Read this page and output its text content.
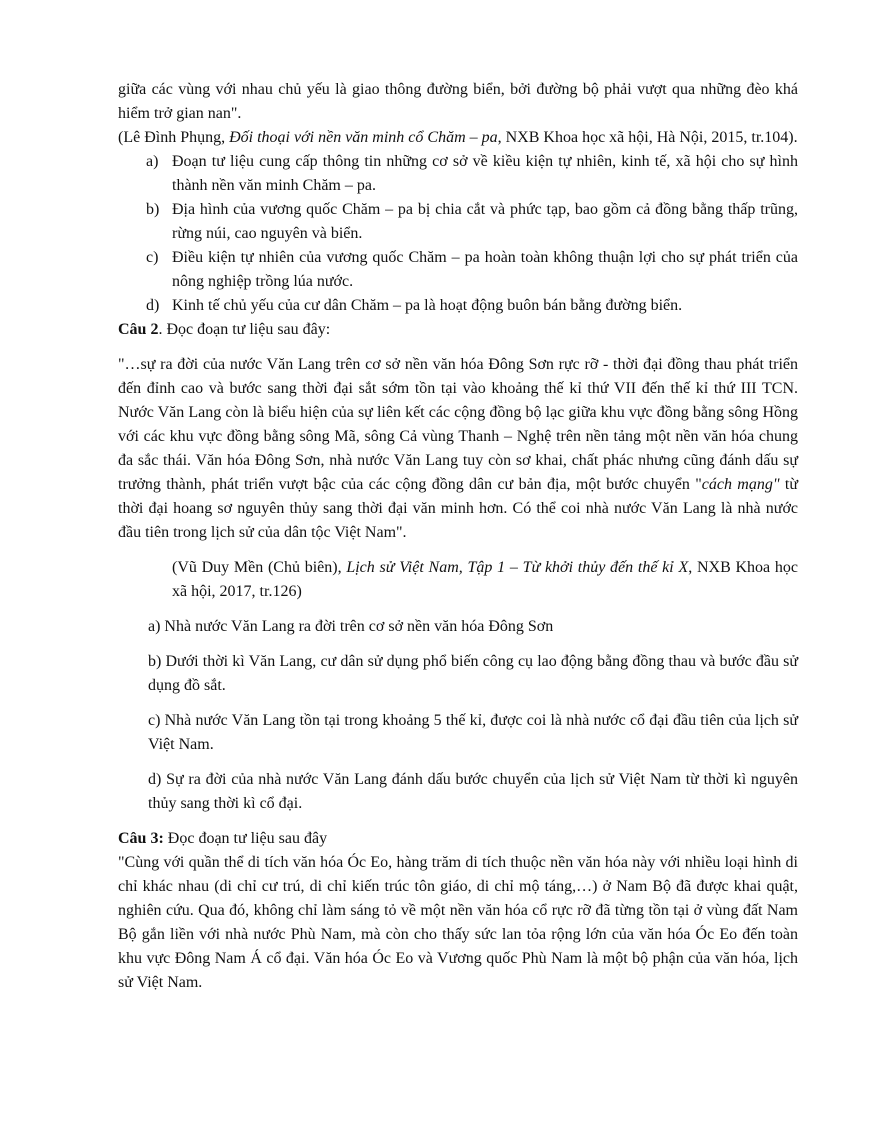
giữa các vùng với nhau chủ yếu là giao thông đường biển, bởi đường bộ phải vượt qua những đèo khá hiểm trở gian nan".

(Lê Đình Phụng, Đối thoại với nền văn minh cổ Chăm – pa, NXB Khoa học xã hội, Hà Nội, 2015, tr.104).

a) Đoạn tư liệu cung cấp thông tin những cơ sở về kiều kiện tự nhiên, kinh tế, xã hội cho sự hình thành nền văn minh Chăm – pa.
b) Địa hình của vương quốc Chăm – pa bị chia cắt và phức tạp, bao gồm cả đồng bằng thấp trũng, rừng núi, cao nguyên và biển.
c) Điều kiện tự nhiên của vương quốc Chăm – pa hoàn toàn không thuận lợi cho sự phát triển của nông nghiệp trồng lúa nước.
d) Kinh tế chủ yếu của cư dân Chăm – pa là hoạt động buôn bán bằng đường biển.

Câu 2. Đọc đoạn tư liệu sau đây:

"…sự ra đời của nước Văn Lang trên cơ sở nền văn hóa Đông Sơn rực rỡ - thời đại đồng thau phát triển đến đỉnh cao và bước sang thời đại sắt sớm tồn tại vào khoảng thế kỉ thứ VII đến thế kỉ thứ III TCN. Nước Văn Lang còn là biểu hiện của sự liên kết các cộng đồng bộ lạc giữa khu vực đồng bằng sông Hồng với các khu vực đồng bằng sông Mã, sông Cả vùng Thanh – Nghệ trên nền tảng một nền văn hóa chung đa sắc thái. Văn hóa Đông Sơn, nhà nước Văn Lang tuy còn sơ khai, chất phác nhưng cũng đánh dấu sự trưởng thành, phát triển vượt bậc của các cộng đồng dân cư bản địa, một bước chuyển "cách mạng" từ thời đại hoang sơ nguyên thủy sang thời đại văn minh hơn. Có thể coi nhà nước Văn Lang là nhà nước đầu tiên trong lịch sử của dân tộc Việt Nam".

(Vũ Duy Mền (Chủ biên), Lịch sử Việt Nam, Tập 1 – Từ khởi thủy đến thế kỉ X, NXB Khoa học xã hội, 2017, tr.126)

a) Nhà nước Văn Lang ra đời trên cơ sở nền văn hóa Đông Sơn

b) Dưới thời kì Văn Lang, cư dân sử dụng phổ biến công cụ lao động bằng đồng thau và bước đầu sử dụng đồ sắt.

c) Nhà nước Văn Lang tồn tại trong khoảng 5 thế kỉ, được coi là nhà nước cổ đại đầu tiên của lịch sử Việt Nam.

d) Sự ra đời của nhà nước Văn Lang đánh dấu bước chuyển của lịch sử Việt Nam từ thời kì nguyên thủy sang thời kì cổ đại.

Câu 3: Đọc đoạn tư liệu sau đây

"Cùng với quần thể di tích văn hóa Óc Eo, hàng trăm di tích thuộc nền văn hóa này với nhiều loại hình di chỉ khác nhau (di chỉ cư trú, di chỉ kiến trúc tôn giáo, di chỉ mộ táng,…) ở Nam Bộ đã được khai quật, nghiên cứu. Qua đó, không chỉ làm sáng tỏ về một nền văn hóa cổ rực rỡ đã từng tồn tại ở vùng đất Nam Bộ gắn liền với nhà nước Phù Nam, mà còn cho thấy sức lan tỏa rộng lớn của văn hóa Óc Eo đến toàn khu vực Đông Nam Á cổ đại. Văn hóa Óc Eo và Vương quốc Phù Nam là một bộ phận của văn hóa, lịch sử Việt Nam.
